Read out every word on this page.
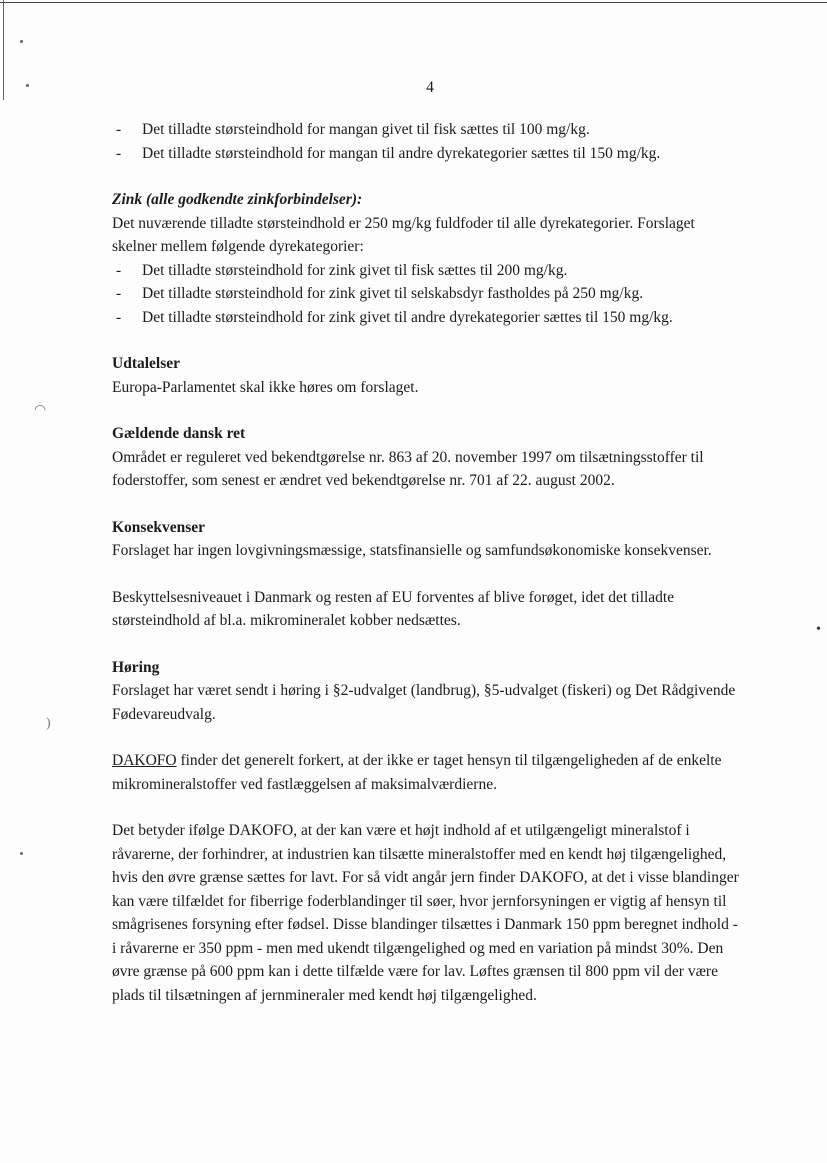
◠
)
•
4
- Det tilladte størsteindhold for mangan givet til fisk sættes til 100 mg/kg.
- Det tilladte størsteindhold for mangan til andre dyrekategorier sættes til 150 mg/kg.

Zink (alle godkendte zinkforbindelser):

Det nuværende tilladte størsteindhold er 250 mg/kg fuldfoder til alle dyrekategorier. Forslaget skelner mellem følgende dyrekategorier:

- Det tilladte størsteindhold for zink givet til fisk sættes til 200 mg/kg.
- Det tilladte størsteindhold for zink givet til selskabsdyr fastholdes på 250 mg/kg.
- Det tilladte størsteindhold for zink givet til andre dyrekategorier sættes til 150 mg/kg.

Udtalelser

Europa-Parlamentet skal ikke høres om forslaget.

Gældende dansk ret

Området er reguleret ved bekendtgørelse nr. 863 af 20. november 1997 om tilsætningsstoffer til foderstoffer, som senest er ændret ved bekendtgørelse nr. 701 af 22. august 2002.

Konsekvenser

Forslaget har ingen lovgivningsmæssige, statsfinansielle og samfundsøkonomiske konsekvenser.

Beskyttelsesniveauet i Danmark og resten af EU forventes af blive forøget, idet det tilladte størsteindhold af bl.a. mikromineralet kobber nedsættes.

Høring

Forslaget har været sendt i høring i §2-udvalget (landbrug), §5-udvalget (fiskeri) og Det Rådgivende Fødevareudvalg.

DAKOFO finder det generelt forkert, at der ikke er taget hensyn til tilgængeligheden af de enkelte mikromineralstoffer ved fastlæggelsen af maksimalværdierne.

Det betyder ifølge DAKOFO, at der kan være et højt indhold af et utilgængeligt mineralstof i råvarerne, der forhindrer, at industrien kan tilsætte mineralstoffer med en kendt høj tilgængelighed, hvis den øvre grænse sættes for lavt. For så vidt angår jern finder DAKOFO, at det i visse blandinger kan være tilfældet for fiberrige foderblandinger til søer, hvor jernforsyningen er vigtig af hensyn til smågrisenes forsyning efter fødsel. Disse blandinger tilsættes i Danmark 150 ppm beregnet indhold - i råvarerne er 350 ppm - men med ukendt tilgængelighed og med en variation på mindst 30%. Den øvre grænse på 600 ppm kan i dette tilfælde være for lav. Løftes grænsen til 800 ppm vil der være plads til tilsætningen af jernmineraler med kendt høj tilgængelighed.
